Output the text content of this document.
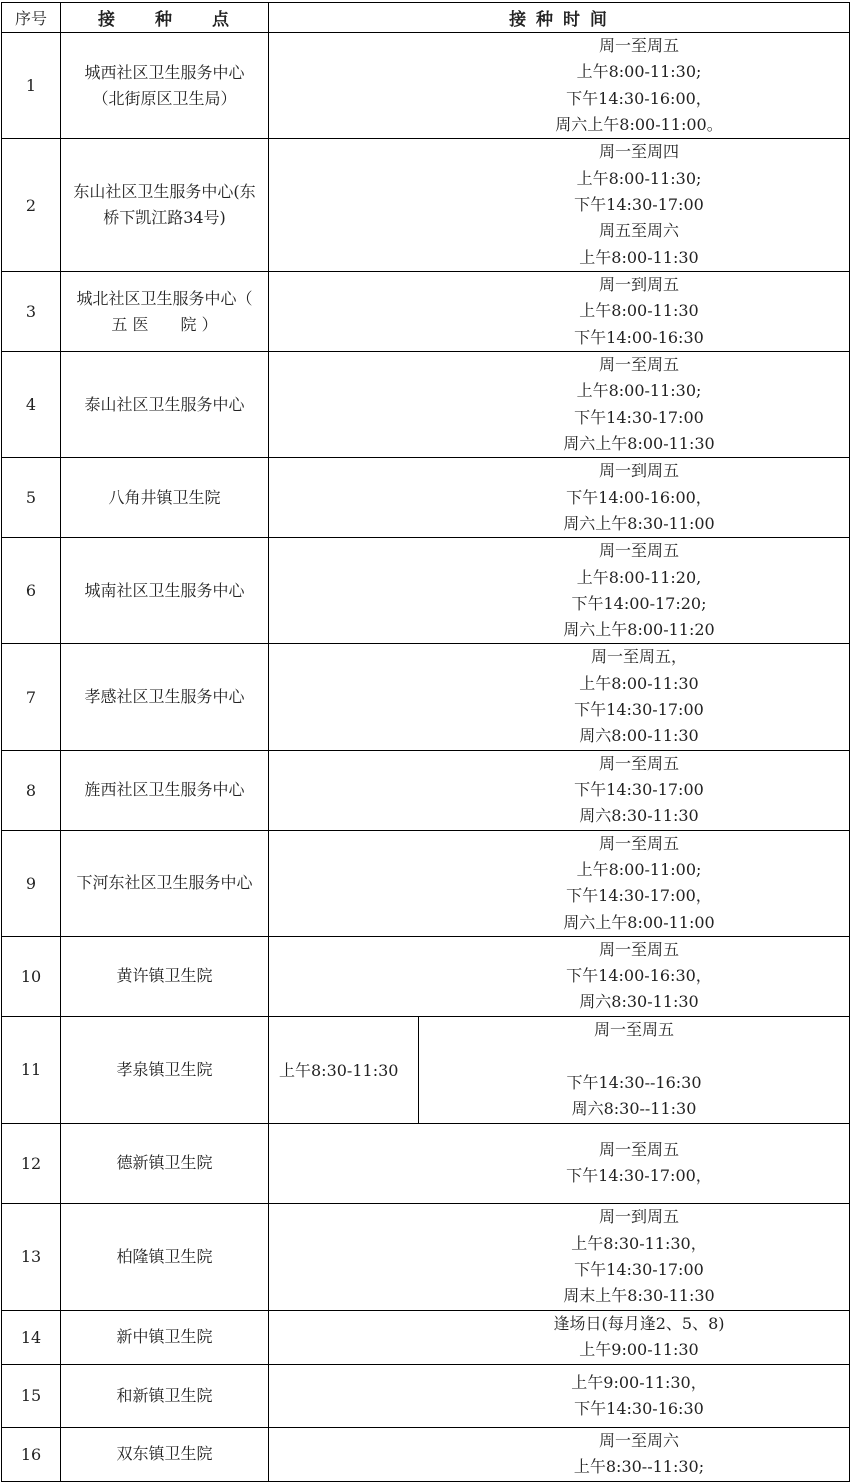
序号	接　　种　　点	接 种 时 间	
1	城西社区卫生服务中心（北街原区卫生局）	周一至周五
上午8:00-11:30;
下午14:30-16:00，
周六上午8:00-11:00。	

2	东山社区卫生服务中心(东桥下凯江路34号)	周一至周四
上午8:00-11:30;
下午14:30-17:00
周五至周六
上午8:00-11:30	

3	城北社区卫生服务中心（ 五 医　　院 ）	周一到周五
上午8:00-11:30
下午14:00-16:30	

4	泰山社区卫生服务中心	周一至周五
上午8:00-11:30;
下午14:30-17:00
周六上午8:00-11:30	

5	八角井镇卫生院	周一到周五
下午14:00-16:00，
周六上午8:30-11:00	

6	城南社区卫生服务中心	周一至周五
上午8:00-11:20,
下午14:00-17:20;
周六上午8:00-11:20	

7	孝感社区卫生服务中心	周一至周五，
上午8:00-11:30
下午14:30-17:00
周六8:00-11:30	

8	旌西社区卫生服务中心	周一至周五
下午14:30-17:00
周六8:30-11:30	

9	下河东社区卫生服务中心	周一至周五
上午8:00-11:00;
下午14:30-17:00，
周六上午8:00-11:00	

10	黄许镇卫生院	周一至周五
下午14:00-16:30，
周六8:30-11:30	

11	孝泉镇卫生院	上午8:30-11:30	周一至周五

下午14:30--16:30
周六8:30--11:30

12	德新镇卫生院	周一至周五
下午14:30-17:00，	

13	柏隆镇卫生院	周一到周五
上午8:30-11:30，
下午14:30-17:00
周末上午8:30-11:30	

14	新中镇卫生院	逢场日(每月逢2、5、8)
上午9:00-11:30	

15	和新镇卫生院	上午9:00-11:30，
下午14:30-16:30	

16	双东镇卫生院	周一至周六
上午8:30--11:30;	
